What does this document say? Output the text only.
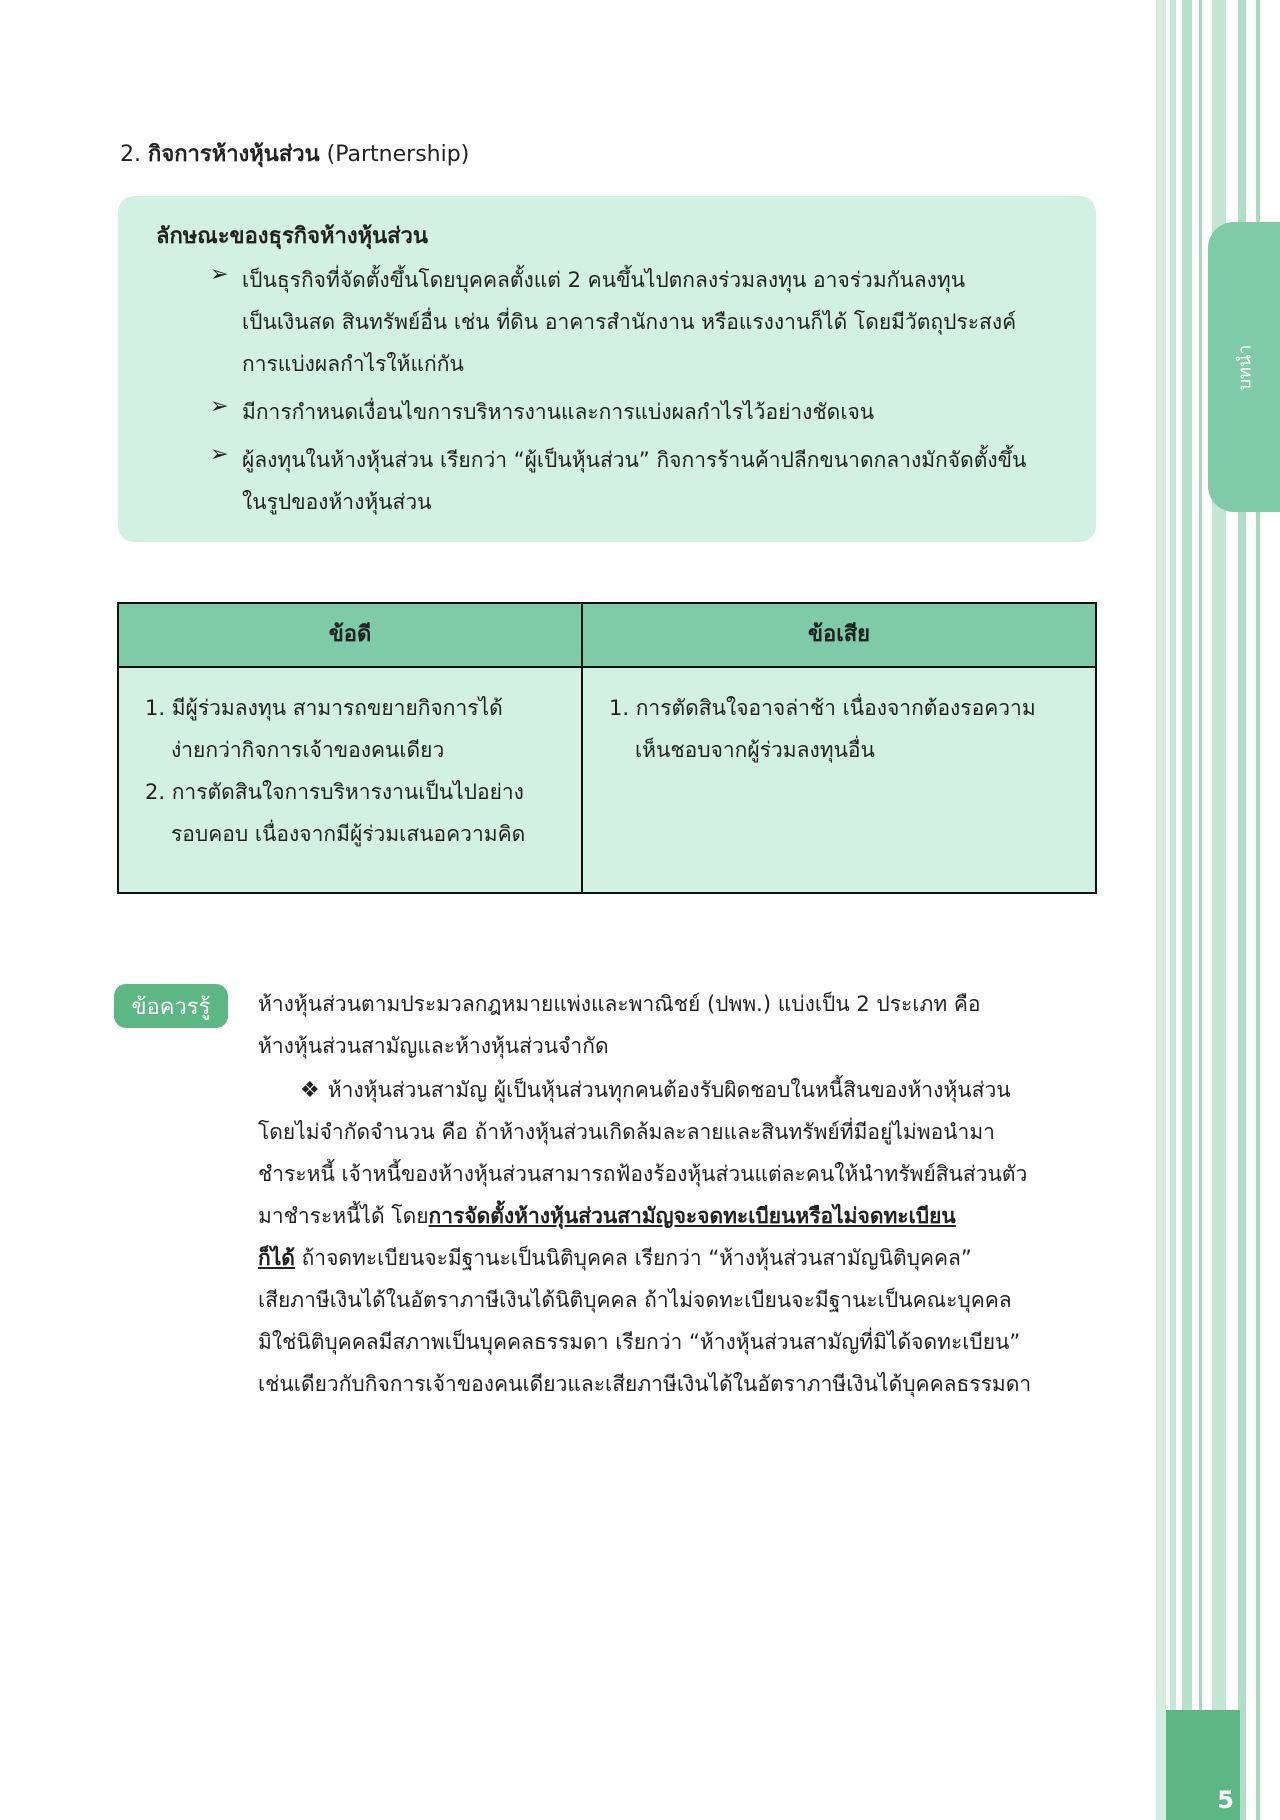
บทนำ
5
2. กิจการห้างหุ้นส่วน (Partnership)
ลักษณะของธุรกิจห้างหุ้นส่วน
➢ เป็นธุรกิจที่จัดตั้งขึ้นโดยบุคคลตั้งแต่ 2 คนขึ้นไปตกลงร่วมลงทุน อาจร่วมกันลงทุน
เป็นเงินสด สินทรัพย์อื่น เช่น ที่ดิน อาคารสำนักงาน หรือแรงงานก็ได้ โดยมีวัตถุประสงค์
การแบ่งผลกำไรให้แก่กัน
➢ มีการกำหนดเงื่อนไขการบริหารงานและการแบ่งผลกำไรไว้อย่างชัดเจน
➢ ผู้ลงทุนในห้างหุ้นส่วน เรียกว่า “ผู้เป็นหุ้นส่วน” กิจการร้านค้าปลีกขนาดกลางมักจัดตั้งขึ้น
ในรูปของห้างหุ้นส่วน
ข้อดี	ข้อเสีย
1. มีผู้ร่วมลงทุน สามารถขยายกิจการได้
ง่ายกว่ากิจการเจ้าของคนเดียว
2. การตัดสินใจการบริหารงานเป็นไปอย่าง
รอบคอบ เนื่องจากมีผู้ร่วมเสนอความคิด
1. การตัดสินใจอาจล่าช้า เนื่องจากต้องรอความ
เห็นชอบจากผู้ร่วมลงทุนอื่น
ข้อควรรู้	ห้างหุ้นส่วนตามประมวลกฎหมายแพ่งและพาณิชย์ (ปพพ.) แบ่งเป็น 2 ประเภท คือ
ห้างหุ้นส่วนสามัญและห้างหุ้นส่วนจำกัด
❖ ห้างหุ้นส่วนสามัญ ผู้เป็นหุ้นส่วนทุกคนต้องรับผิดชอบในหนี้สินของห้างหุ้นส่วน
โดยไม่จำกัดจำนวน คือ ถ้าห้างหุ้นส่วนเกิดล้มละลายและสินทรัพย์ที่มีอยู่ไม่พอนำมา
ชำระหนี้ เจ้าหนี้ของห้างหุ้นส่วนสามารถฟ้องร้องหุ้นส่วนแต่ละคนให้นำทรัพย์สินส่วนตัว
มาชำระหนี้ได้ โดยการจัดตั้งห้างหุ้นส่วนสามัญจะจดทะเบียนหรือไม่จดทะเบียน
ก็ได้ ถ้าจดทะเบียนจะมีฐานะเป็นนิติบุคคล เรียกว่า “ห้างหุ้นส่วนสามัญนิติบุคคล”
เสียภาษีเงินได้ในอัตราภาษีเงินได้นิติบุคคล ถ้าไม่จดทะเบียนจะมีฐานะเป็นคณะบุคคล
มิใช่นิติบุคคลมีสภาพเป็นบุคคลธรรมดา เรียกว่า “ห้างหุ้นส่วนสามัญที่มิได้จดทะเบียน”
เช่นเดียวกับกิจการเจ้าของคนเดียวและเสียภาษีเงินได้ในอัตราภาษีเงินได้บุคคลธรรมดา
